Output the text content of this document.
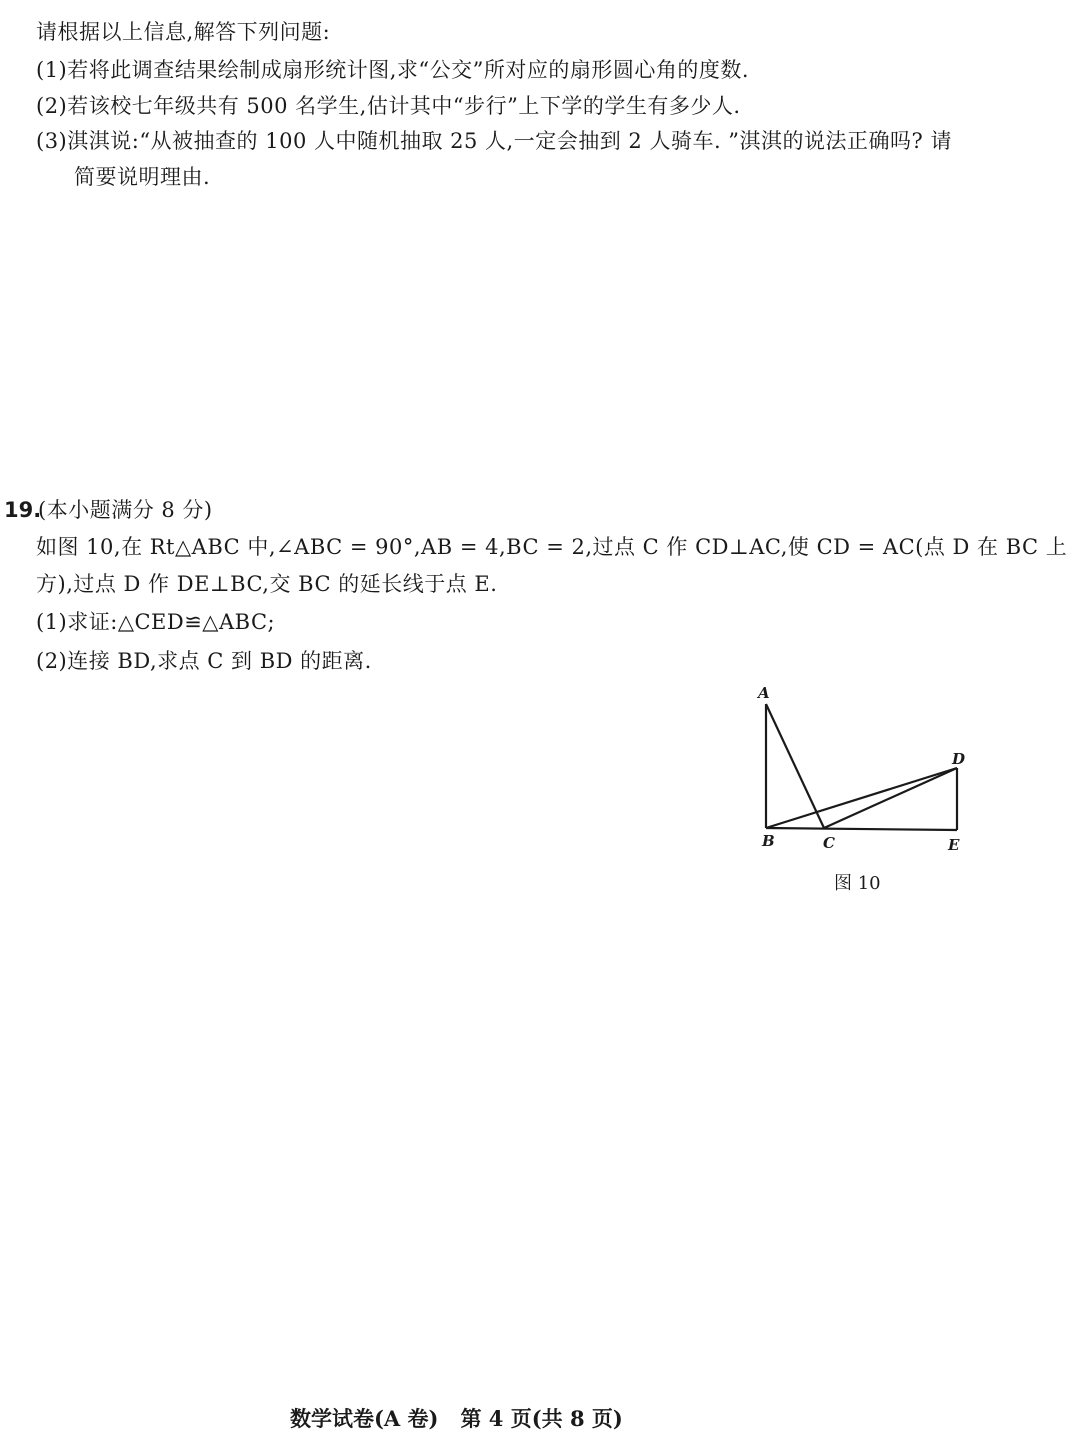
请根据以上信息,解答下列问题:
(1)若将此调查结果绘制成扇形统计图,求“公交”所对应的扇形圆心角的度数.
(2)若该校七年级共有 500 名学生,估计其中“步行”上下学的学生有多少人.
(3)淇淇说:“从被抽查的 100 人中随机抽取 25 人,一定会抽到 2 人骑车. ”淇淇的说法正确吗? 请
简要说明理由.
19.
(本小题满分 8 分)
如图 10,在 Rt△ABC 中,∠ABC = 90°,AB = 4,BC = 2,过点 C 作 CD⊥AC,使 CD = AC(点 D 在 BC 上
方),过点 D 作 DE⊥BC,交 BC 的延长线于点 E.
(1)求证:△CED≌△ABC;
(2)连接 BD,求点 C 到 BD 的距离.
A
B	C
D
E
图 10
数学试卷(A 卷) 第 4 页(共 8 页)
